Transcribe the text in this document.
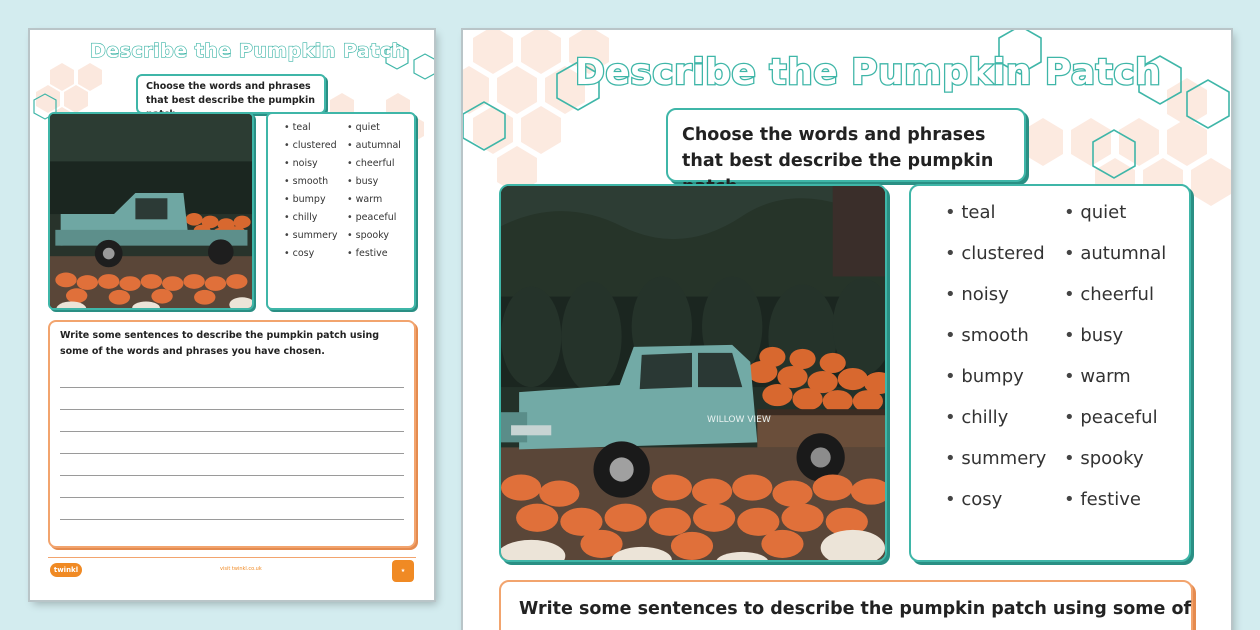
Describe the Pumpkin Patch
Choose the words and phrases that best describe the pumpkin
• teal	• quiet
• clustered	• autumnal
• noisy	• cheerful
• smooth	• busy
• bumpy	• warm
• chilly	• peaceful
• summery	• spooky
• cosy	• festive
Write some sentences to describe the pumpkin patch using some of the words and phrases you have chosen.
twinkl	visit twinkl.co.uk	★
Describe the Pumpkin Patch
Choose the words and phrases that best describe the pumpkin
WILLOW VIEW
• teal	• quiet
• clustered	• autumnal
• noisy	• cheerful
• smooth	• busy
• bumpy	• warm
• chilly	• peaceful
• summery	• spooky
• cosy	• festive
Write some sentences to describe the pumpkin patch using some of
